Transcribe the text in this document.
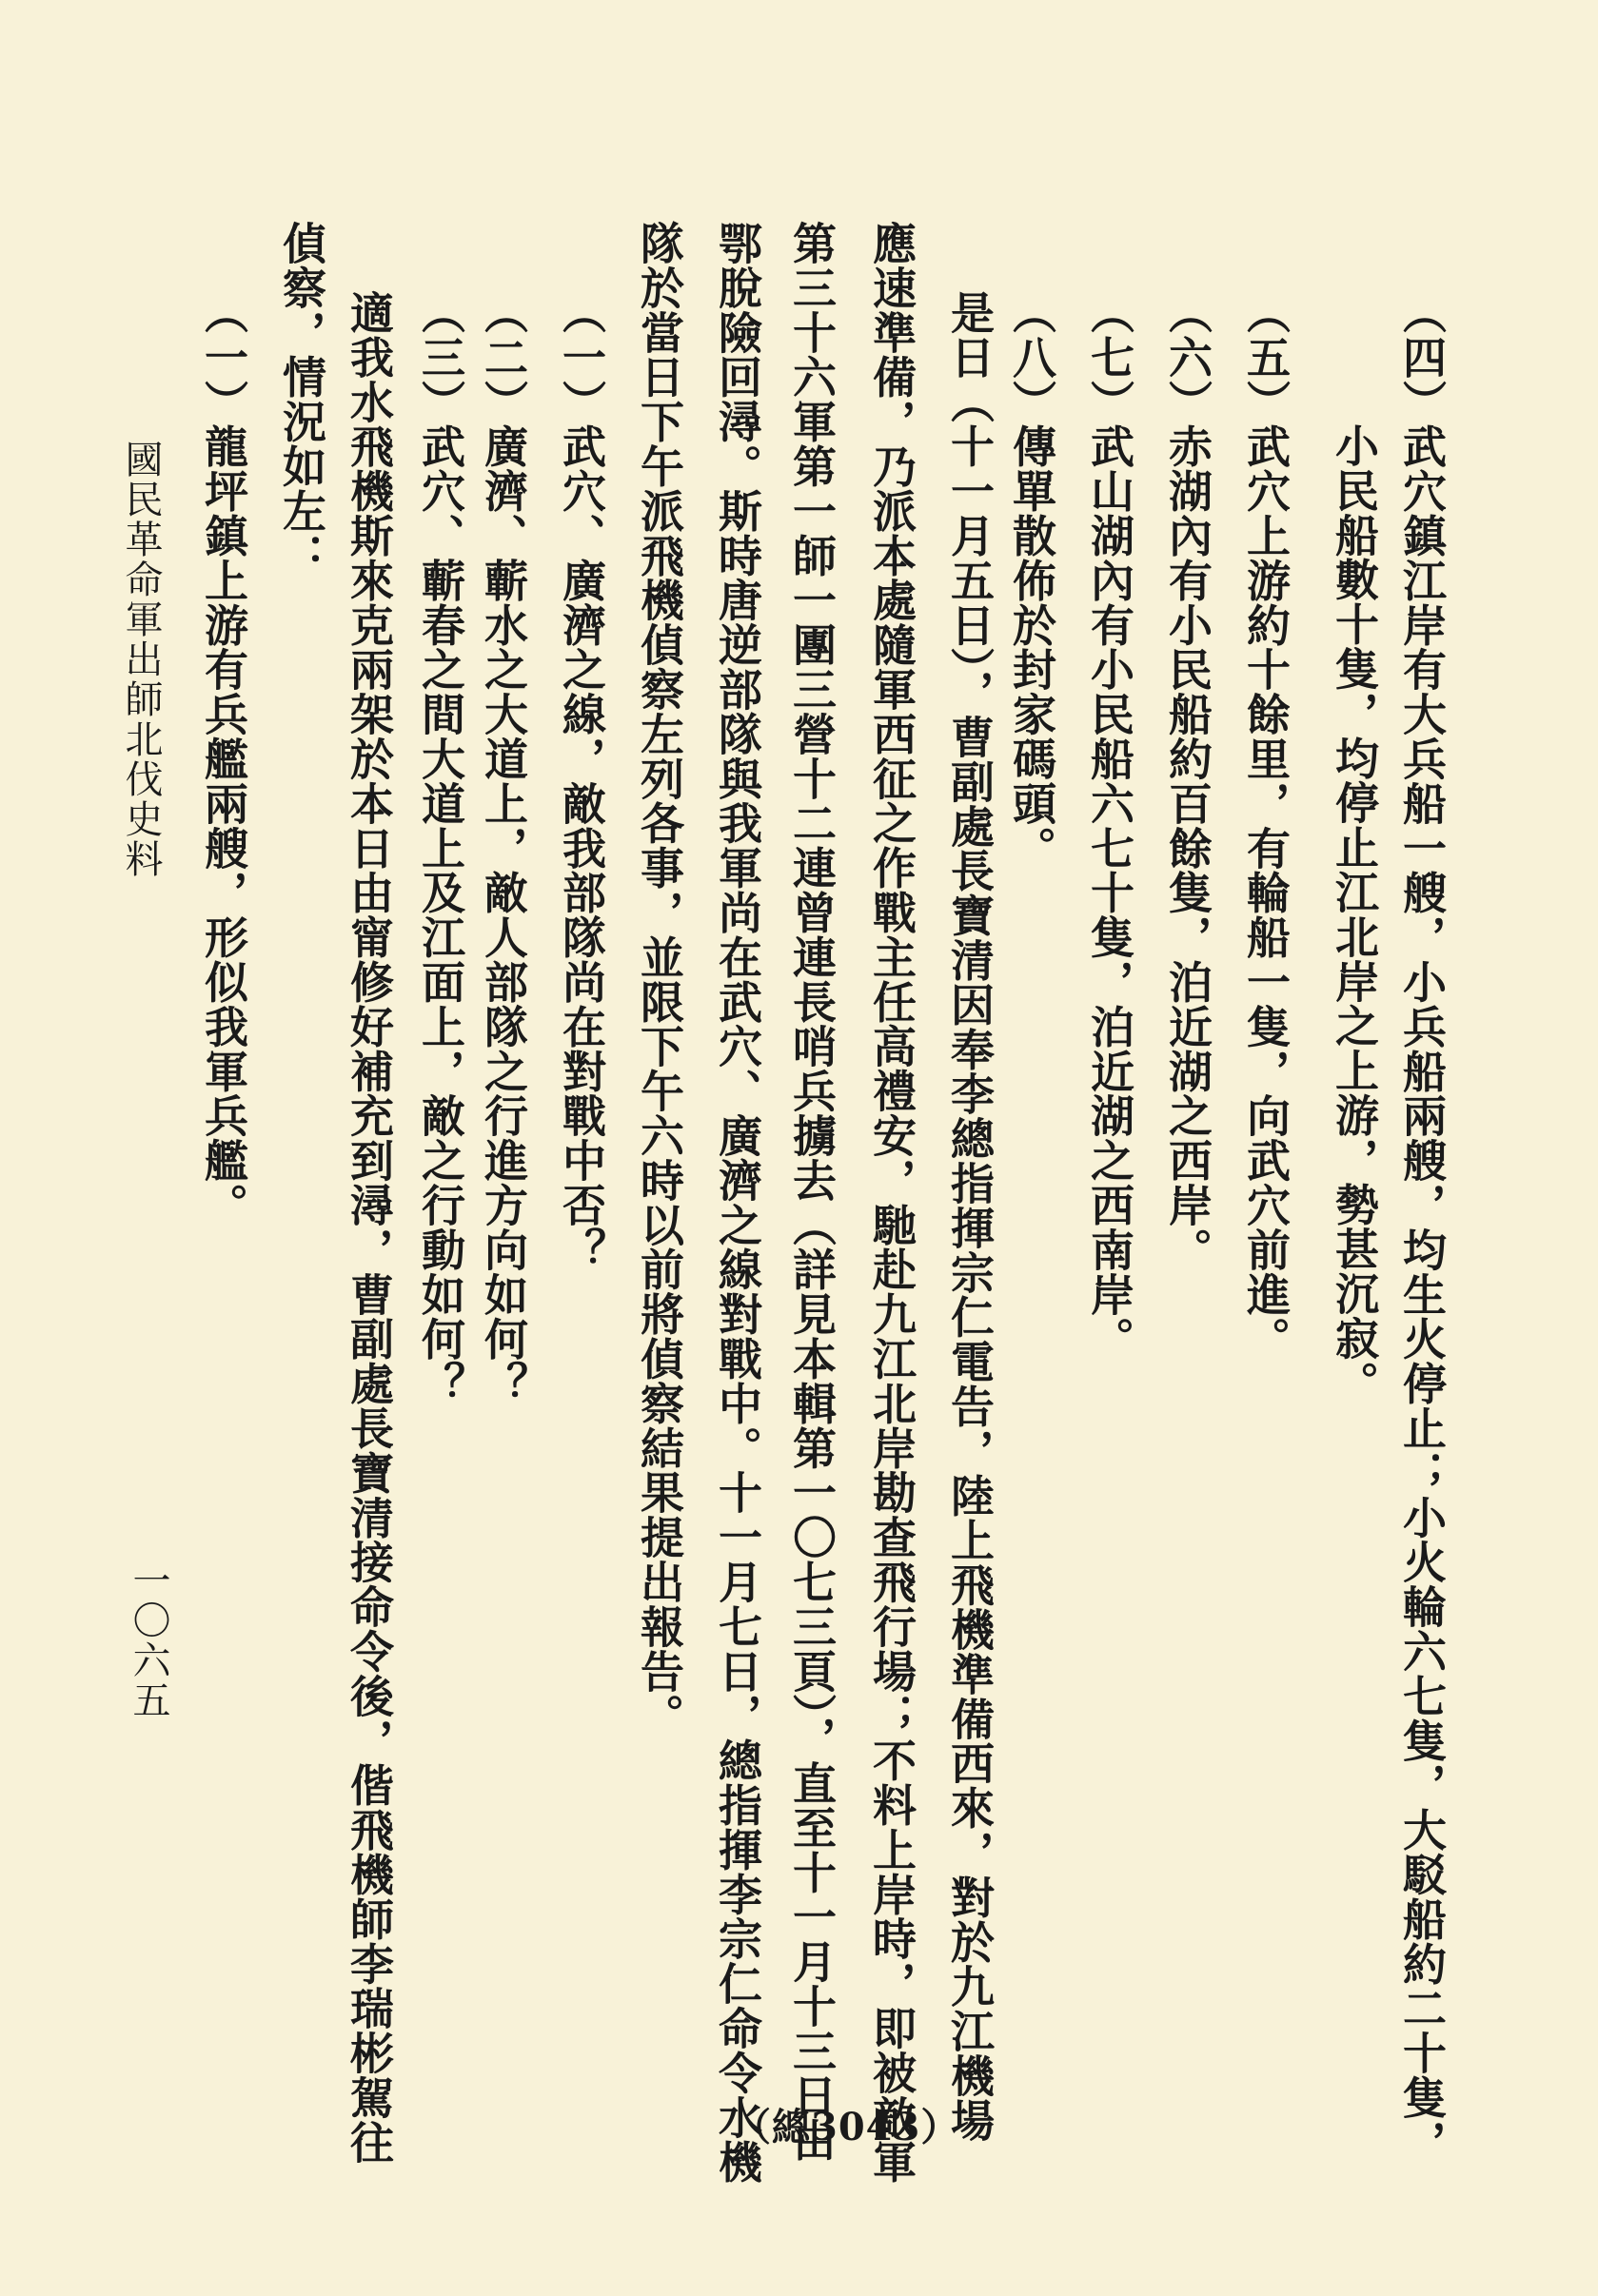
（四）武穴鎮江岸有大兵船一艘，小兵船兩艘，均生火停止；小火輪六七隻，大駁船約二十隻，
小民船數十隻，均停止江北岸之上游，勢甚沉寂。
（五）武穴上游約十餘里，有輪船一隻，向武穴前進。
（六）赤湖內有小民船約百餘隻，泊近湖之西岸。
（七）武山湖內有小民船六七十隻，泊近湖之西南岸。
（八）傳單散佈於封家碼頭。
是日（十一月五日），曹副處長寶清因奉李總指揮宗仁電告，陸上飛機準備西來，對於九江機場
應速準備，乃派本處隨軍西征之作戰主任高禮安，馳赴九江北岸勘查飛行場；不料上岸時，即被敵軍
第三十六軍第一師一團三營十二連曾連長哨兵擄去（詳見本輯第一〇七三頁），直至十一月十三日由
鄂脫險回潯。斯時唐逆部隊與我軍尚在武穴、廣濟之線對戰中。十一月七日，總指揮李宗仁命令水機
隊於當日下午派飛機偵察左列各事，並限下午六時以前將偵察結果提出報告。
（一）武穴、廣濟之線，敵我部隊尚在對戰中否？
（二）廣濟、蘄水之大道上，敵人部隊之行進方向如何？
（三）武穴、蘄春之間大道上及江面上，敵之行動如何？
適我水飛機斯來克兩架於本日由甯修好補充到潯，曹副處長寶清接命令後，偕飛機師李瑞彬駕往
偵察，情況如左：
（一）龍坪鎮上游有兵艦兩艘，形似我軍兵艦。
國民革命軍出師北伐史料
一〇六五
（總3043）
